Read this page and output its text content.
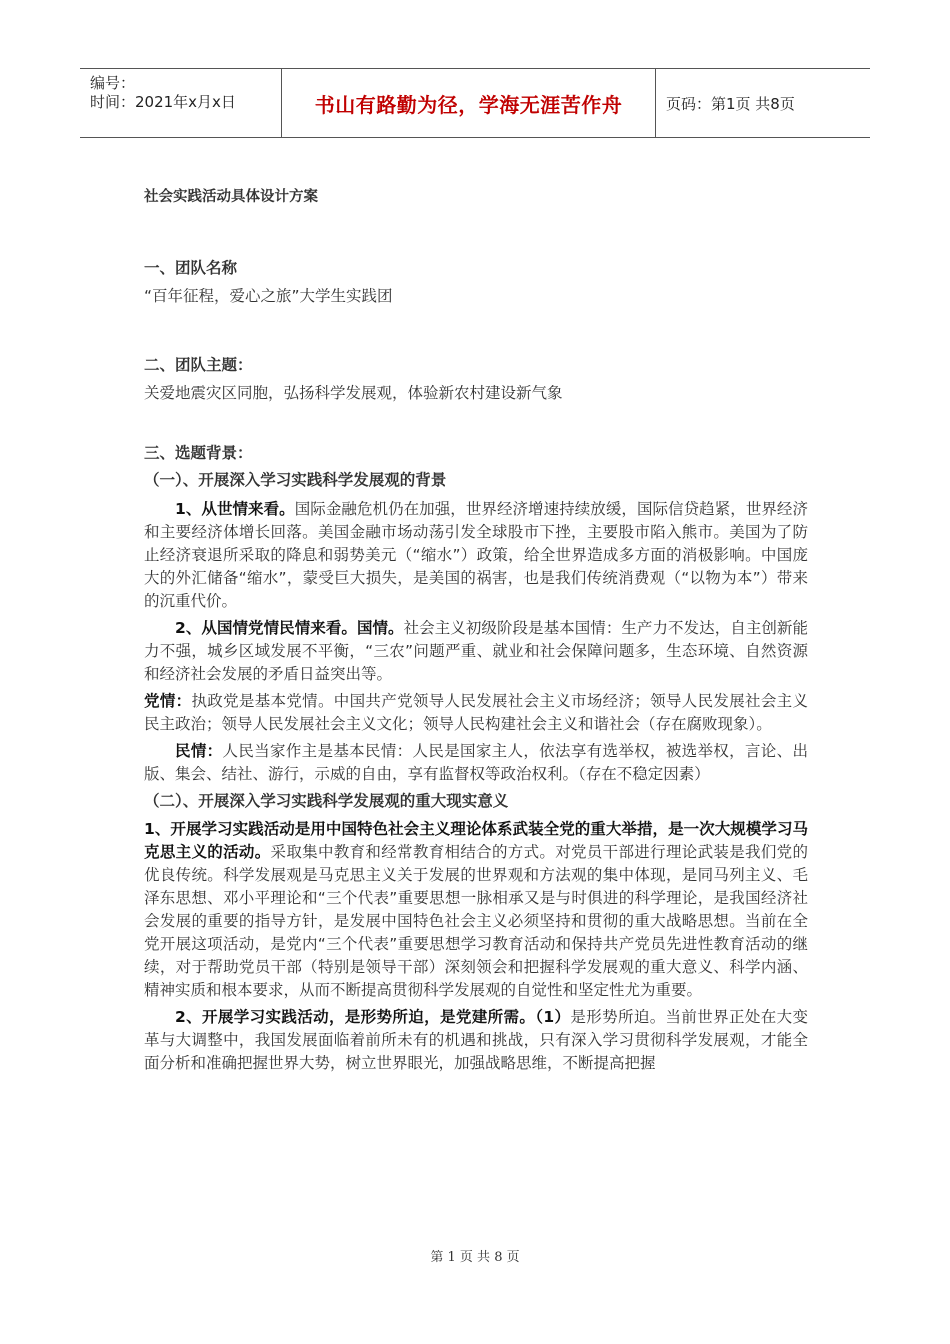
编号：
时间：2021年x月x日	书山有路勤为径，学海无涯苦作舟	页码：第1页 共8页

社会实践活动具体设计方案

一、团队名称

“百年征程，爱心之旅”大学生实践团

二、团队主题：

关爱地震灾区同胞，弘扬科学发展观，体验新农村建设新气象

三、选题背景：

（一）、开展深入学习实践科学发展观的背景

1、从世情来看。国际金融危机仍在加强，世界经济增速持续放缓，国际信贷趋紧，世界经济和主要经济体增长回落。美国金融市场动荡引发全球股市下挫，主要股市陷入熊市。美国为了防止经济衰退所采取的降息和弱势美元（“缩水”）政策，给全世界造成多方面的消极影响。中国庞大的外汇储备“缩水”，蒙受巨大损失，是美国的祸害，也是我们传统消费观（“以物为本”）带来的沉重代价。

2、从国情党情民情来看。国情。社会主义初级阶段是基本国情：生产力不发达，自主创新能力不强，城乡区域发展不平衡，“三农”问题严重、就业和社会保障问题多，生态环境、自然资源和经济社会发展的矛盾日益突出等。

党情：执政党是基本党情。中国共产党领导人民发展社会主义市场经济；领导人民发展社会主义民主政治；领导人民发展社会主义文化；领导人民构建社会主义和谐社会（存在腐败现象）。

民情：人民当家作主是基本民情：人民是国家主人，依法享有选举权，被选举权，言论、出版、集会、结社、游行，示威的自由，享有监督权等政治权利。（存在不稳定因素）

（二）、开展深入学习实践科学发展观的重大现实意义

1、开展学习实践活动是用中国特色社会主义理论体系武装全党的重大举措，是一次大规模学习马克思主义的活动。采取集中教育和经常教育相结合的方式。对党员干部进行理论武装是我们党的优良传统。科学发展观是马克思主义关于发展的世界观和方法观的集中体现，是同马列主义、毛泽东思想、邓小平理论和“三个代表”重要思想一脉相承又是与时俱进的科学理论，是我国经济社会发展的重要的指导方针，是发展中国特色社会主义必须坚持和贯彻的重大战略思想。当前在全党开展这项活动，是党内“三个代表”重要思想学习教育活动和保持共产党员先进性教育活动的继续，对于帮助党员干部（特别是领导干部）深刻领会和把握科学发展观的重大意义、科学内涵、精神实质和根本要求，从而不断提高贯彻科学发展观的自觉性和坚定性尤为重要。

2、开展学习实践活动，是形势所迫，是党建所需。（1）是形势所迫。当前世界正处在大变革与大调整中，我国发展面临着前所未有的机遇和挑战，只有深入学习贯彻科学发展观，才能全面分析和准确把握世界大势，树立世界眼光，加强战略思维，不断提高把握

第 1 页 共 8 页
